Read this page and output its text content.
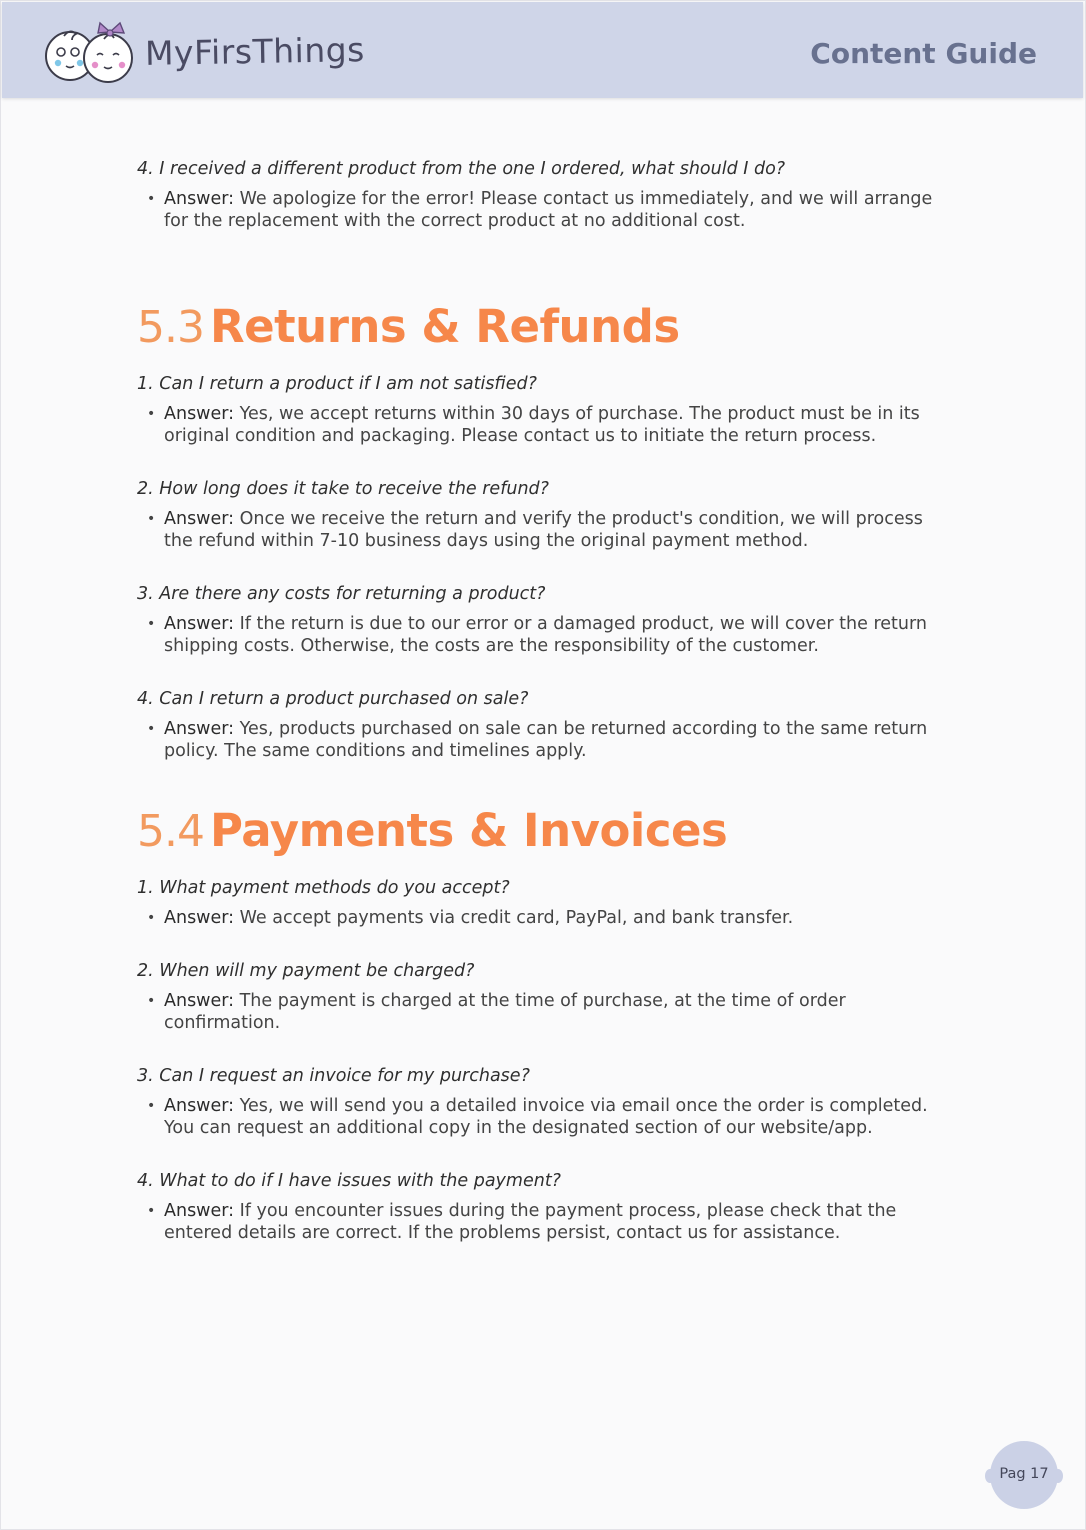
MyFirsThings	Content Guide
4. I received a different product from the one I ordered, what should I do?
• Answer: We apologize for the error! Please contact us immediately, and we will arrange for the replacement with the correct product at no additional cost.
5.3 Returns & Refunds
1. Can I return a product if I am not satisfied?
• Answer: Yes, we accept returns within 30 days of purchase. The product must be in its original condition and packaging. Please contact us to initiate the return process.
2. How long does it take to receive the refund?
• Answer: Once we receive the return and verify the product's condition, we will process the refund within 7-10 business days using the original payment method.
3. Are there any costs for returning a product?
• Answer: If the return is due to our error or a damaged product, we will cover the return shipping costs. Otherwise, the costs are the responsibility of the customer.
4. Can I return a product purchased on sale?
• Answer: Yes, products purchased on sale can be returned according to the same return policy. The same conditions and timelines apply.
5.4 Payments & Invoices
1. What payment methods do you accept?
• Answer: We accept payments via credit card, PayPal, and bank transfer.
2. When will my payment be charged?
• Answer: The payment is charged at the time of purchase, at the time of order confirmation.
3. Can I request an invoice for my purchase?
• Answer: Yes, we will send you a detailed invoice via email once the order is completed. You can request an additional copy in the designated section of our website/app.
4. What to do if I have issues with the payment?
• Answer: If you encounter issues during the payment process, please check that the entered details are correct. If the problems persist, contact us for assistance.
Pag 17
